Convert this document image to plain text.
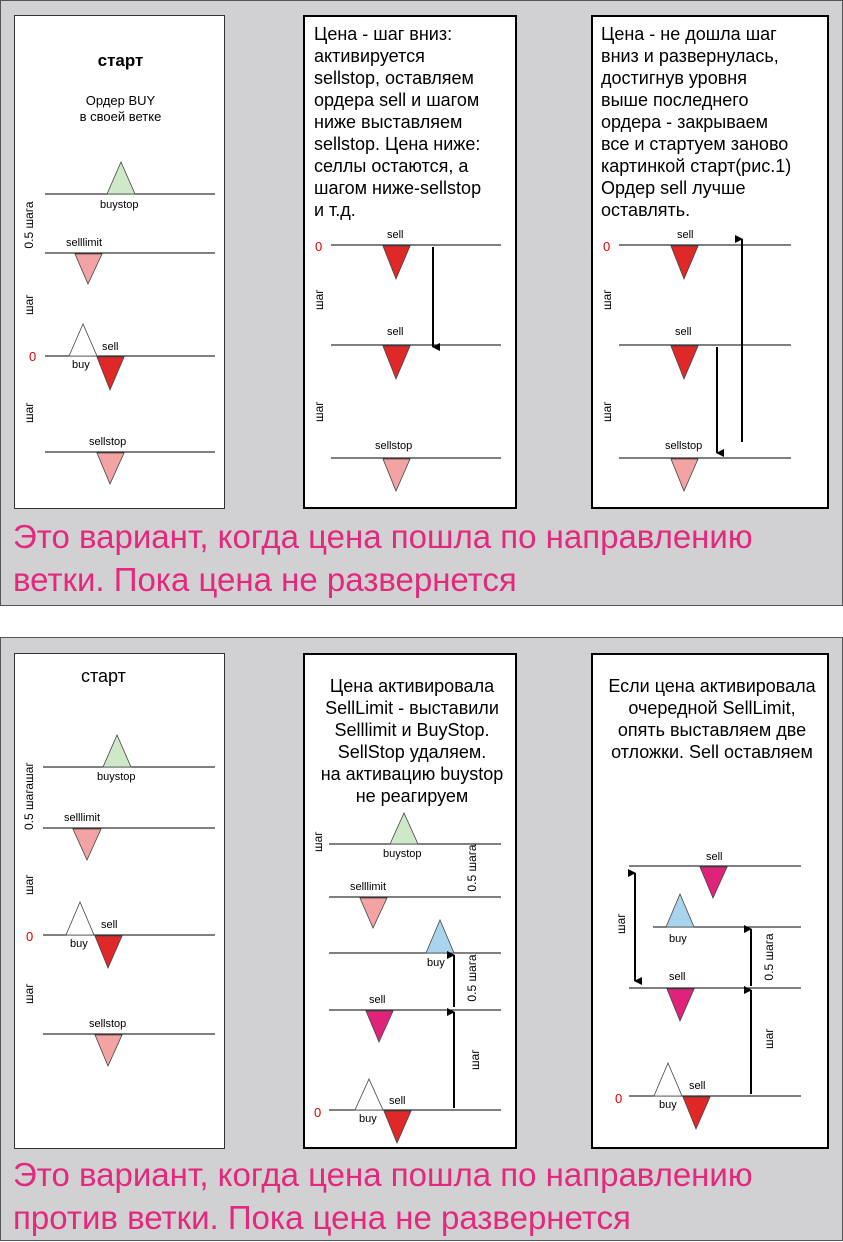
старт
Ордер BUY
в своей ветке
buystop
selllimit
buy
sell
sellstop
0.5 шага
шаг
шаг
0
Цена - шаг вниз:
активируется
sellstop, оставляем
ордера sell и шагом
ниже выставляем
sellstop. Цена ниже:
селлы остаются, а
шагом ниже-sellstop
и т.д.
sell
sell
sellstop
0
шаг
шаг
Цена - не дошла шаг
вниз и развернулась,
достигнув уровня
выше последнего
ордера - закрываем
все и стартуем заново
картинкой старт(рис.1)
Ордер sell лучше
оставлять.
sell
sell
sellstop
0
шаг
шаг
Это вариант, когда цена пошла по направлению
ветки. Пока цена не развернется
старт
buystop
selllimit
buy
sell
sellstop
0.5 шагашаг
шаг
шаг
0
Цена активировала
SellLimit - выставили
Selllimit и BuyStop.
SellStop удаляем.
на активацию buystop
не реагируем
buystop
selllimit
buy
sell
buy
sell
шаг
0.5 шага
0.5 шага
шаг
0
Если цена активировала
очередной SellLimit,
опять выставляем две
отложки. Sell оставляем
sell
buy
sell
buy
sell
шаг
0.5 шага
шаг
0
Это вариант, когда цена пошла по направлению
против ветки. Пока цена не развернется
